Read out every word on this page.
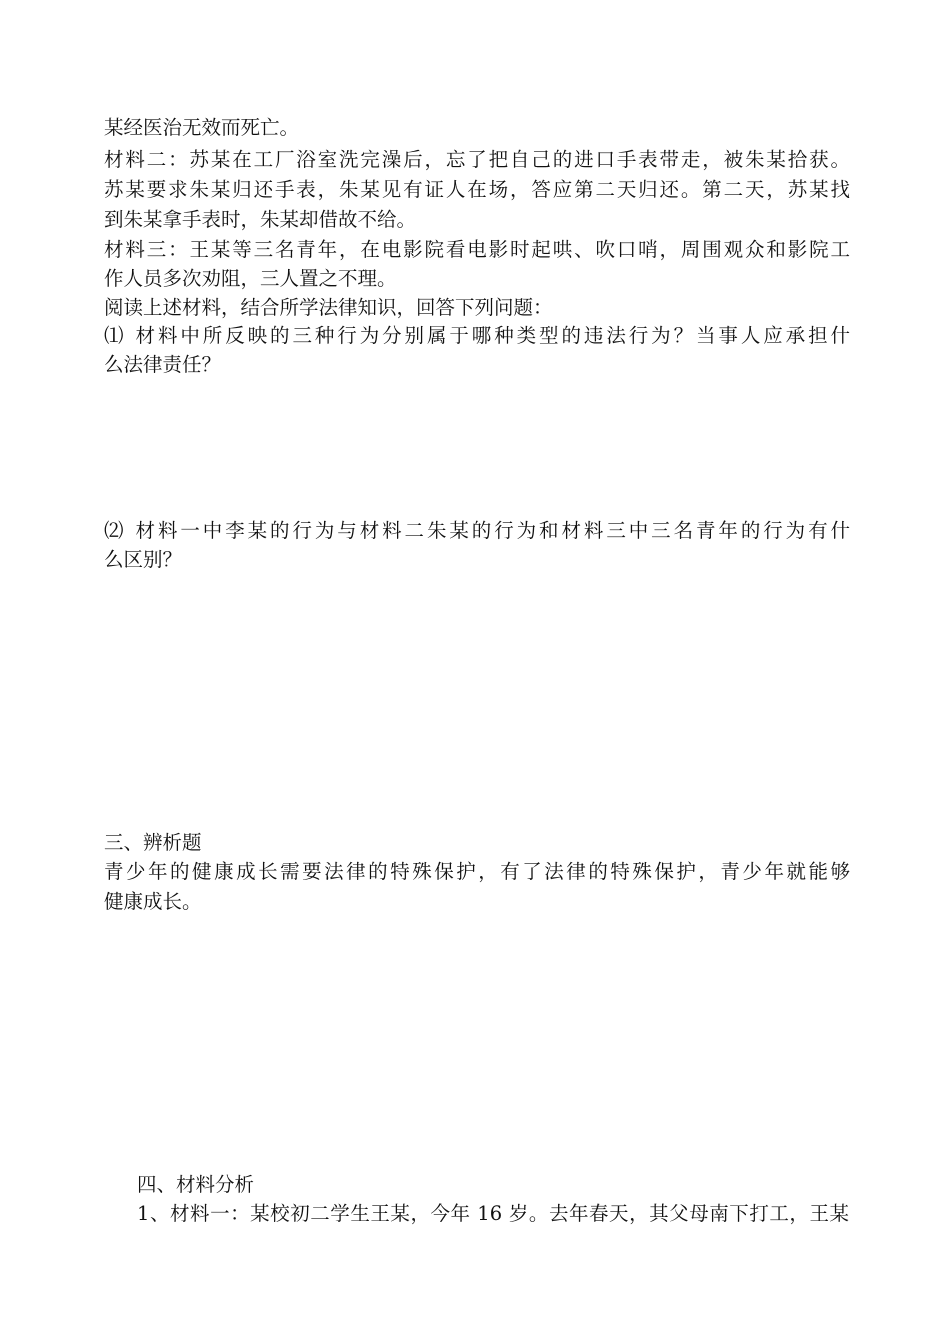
某经医治无效而死亡。
材料二：苏某在工厂浴室洗完澡后，忘了把自己的进口手表带走，被朱某拾获。
苏某要求朱某归还手表，朱某见有证人在场，答应第二天归还。第二天，苏某找
到朱某拿手表时，朱某却借故不给。
材料三：王某等三名青年，在电影院看电影时起哄、吹口哨，周围观众和影院工
作人员多次劝阻，三人置之不理。
阅读上述材料，结合所学法律知识，回答下列问题：
⑴ 材料中所反映的三种行为分别属于哪种类型的违法行为？当事人应承担什
么法律责任？
⑵ 材料一中李某的行为与材料二朱某的行为和材料三中三名青年的行为有什
么区别？
三、辨析题
青少年的健康成长需要法律的特殊保护，有了法律的特殊保护，青少年就能够
健康成长。
四、材料分析
1、材料一：某校初二学生王某，今年 16 岁。去年春天，其父母南下打工，王某
